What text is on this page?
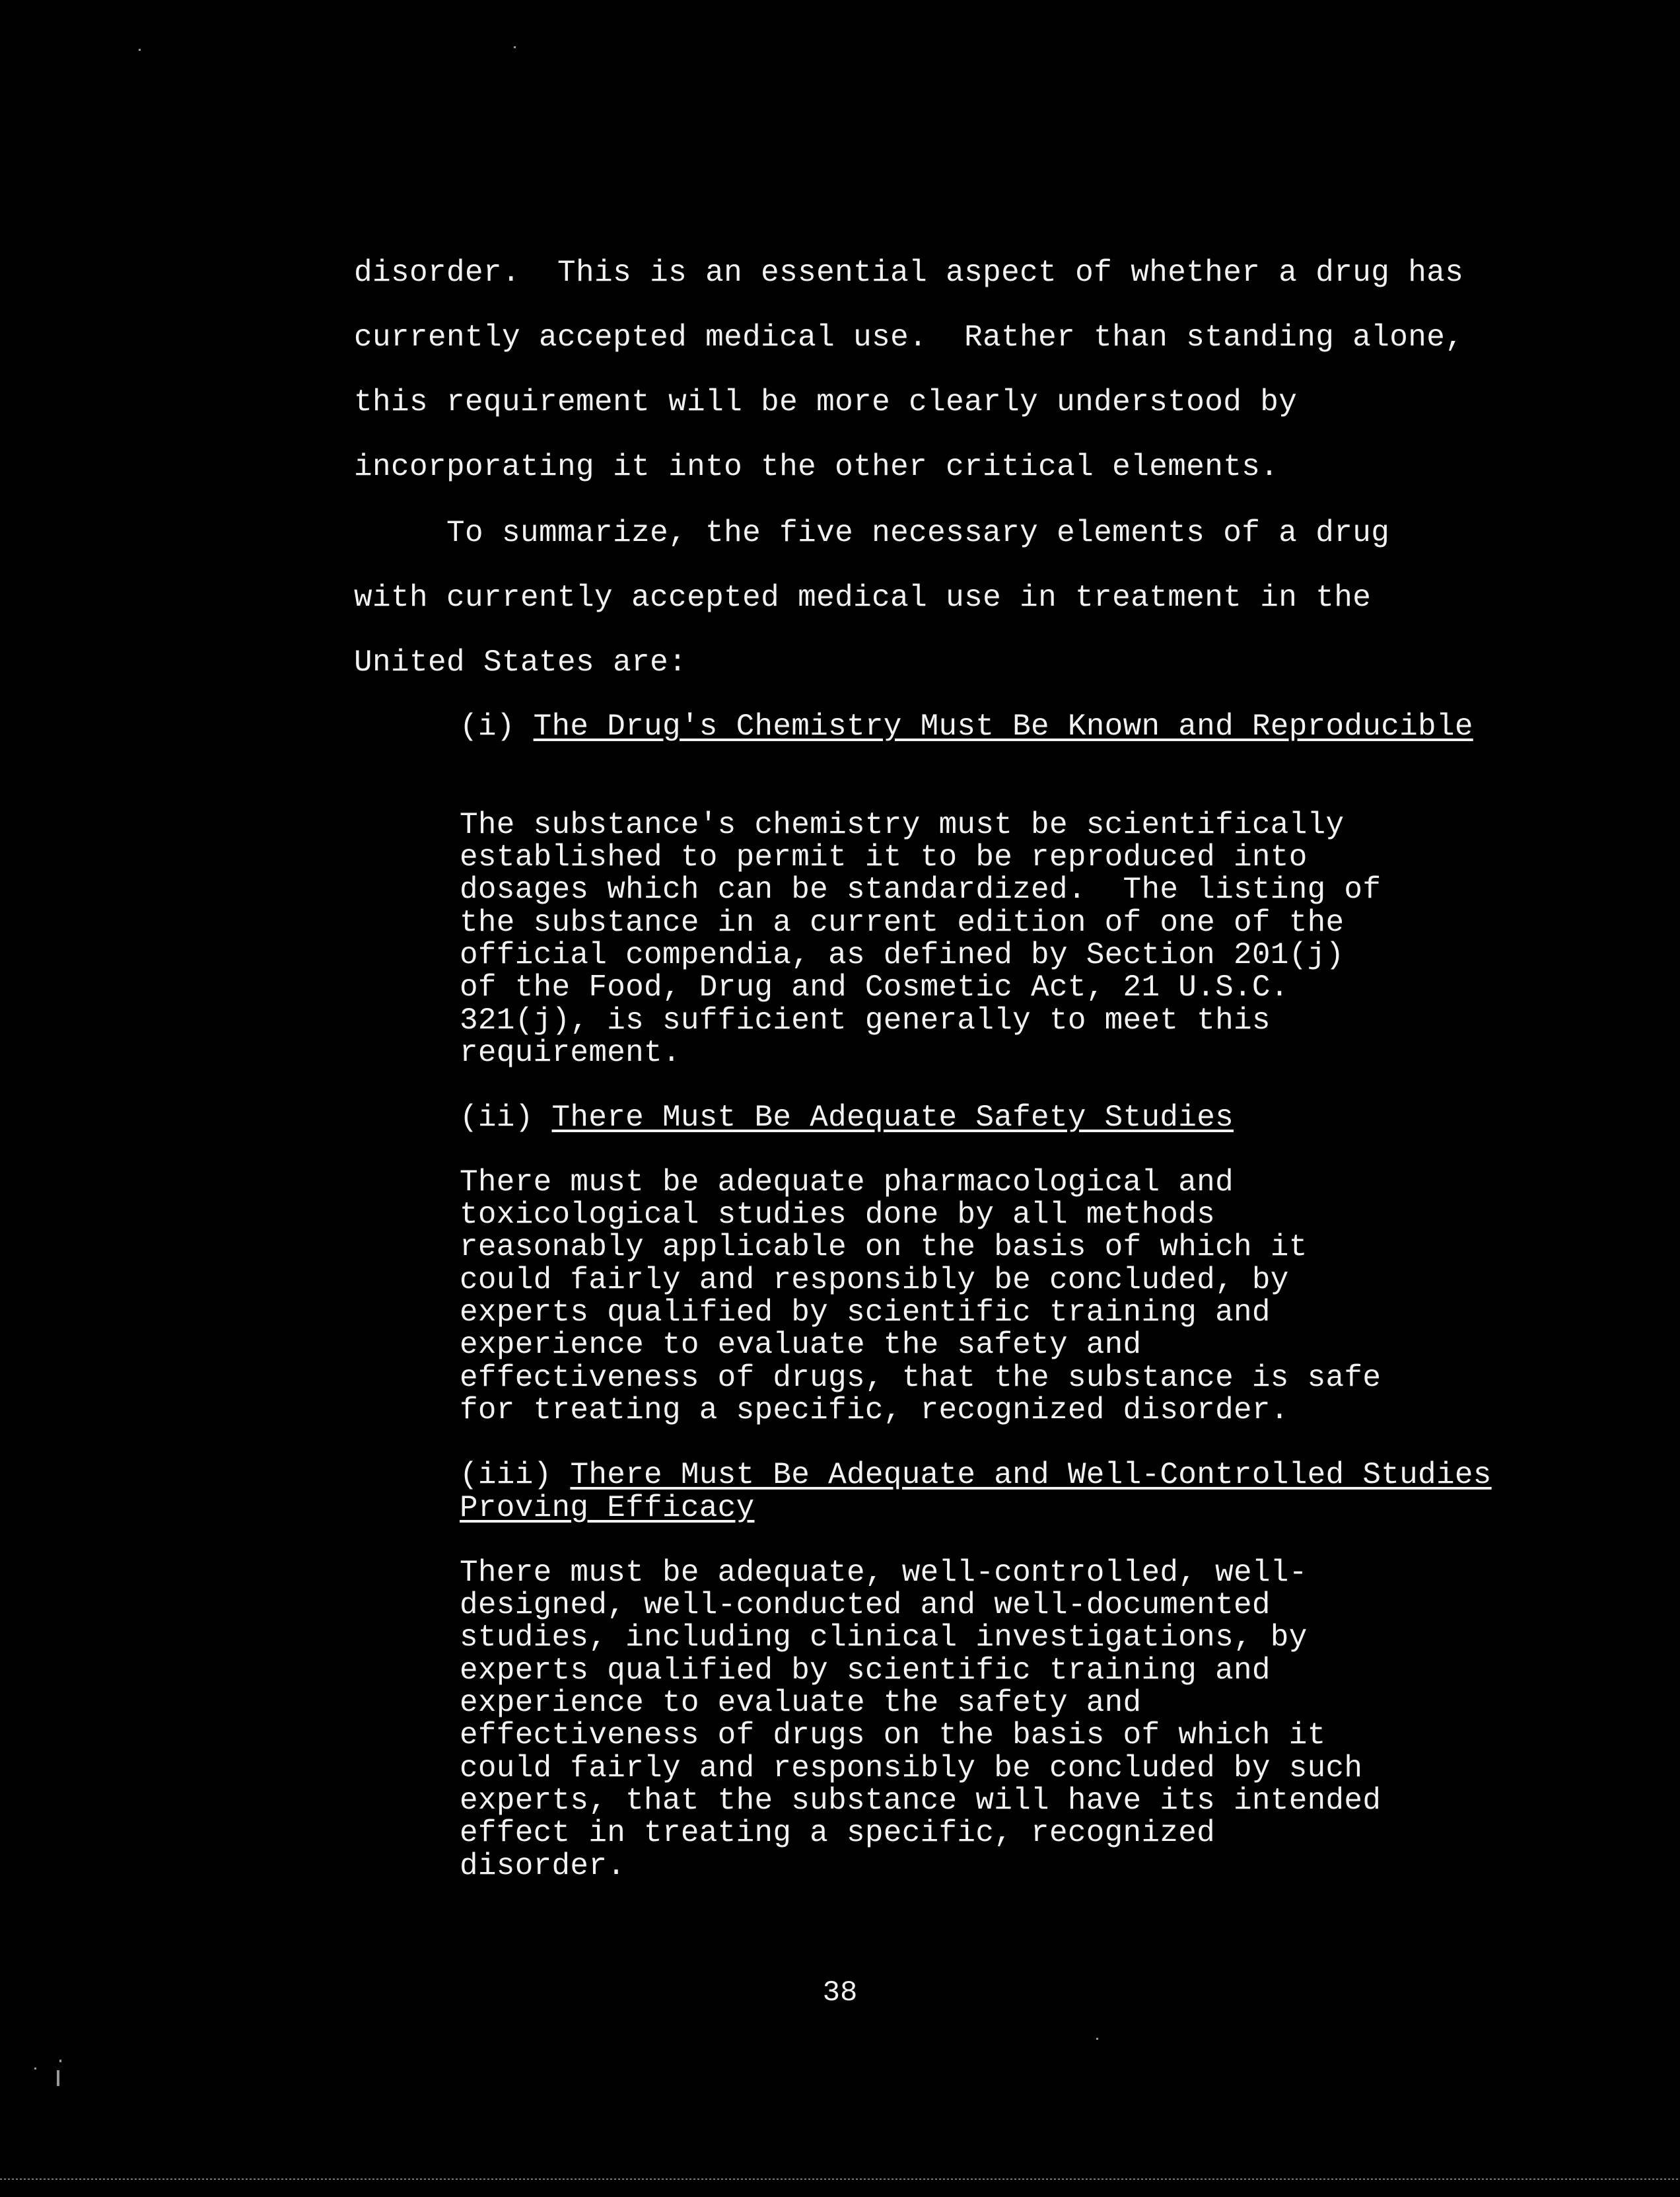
disorder.  This is an essential aspect of whether a drug has
currently accepted medical use.  Rather than standing alone,
this requirement will be more clearly understood by
incorporating it into the other critical elements.
To summarize, the five necessary elements of a drug
with currently accepted medical use in treatment in the
United States are:
(i) The Drug's Chemistry Must Be Known and Reproducible
The substance's chemistry must be scientifically
established to permit it to be reproduced into
dosages which can be standardized.  The listing of
the substance in a current edition of one of the
official compendia, as defined by Section 201(j)
of the Food, Drug and Cosmetic Act, 21 U.S.C.
321(j), is sufficient generally to meet this
requirement.
(ii) There Must Be Adequate Safety Studies
There must be adequate pharmacological and
toxicological studies done by all methods
reasonably applicable on the basis of which it
could fairly and responsibly be concluded, by
experts qualified by scientific training and
experience to evaluate the safety and
effectiveness of drugs, that the substance is safe
for treating a specific, recognized disorder.
(iii) There Must Be Adequate and Well-Controlled Studies Proving Efficacy
There must be adequate, well-controlled, well-
designed, well-conducted and well-documented
studies, including clinical investigations, by
experts qualified by scientific training and
experience to evaluate the safety and
effectiveness of drugs on the basis of which it
could fairly and responsibly be concluded by such
experts, that the substance will have its intended
effect in treating a specific, recognized
disorder.
38
